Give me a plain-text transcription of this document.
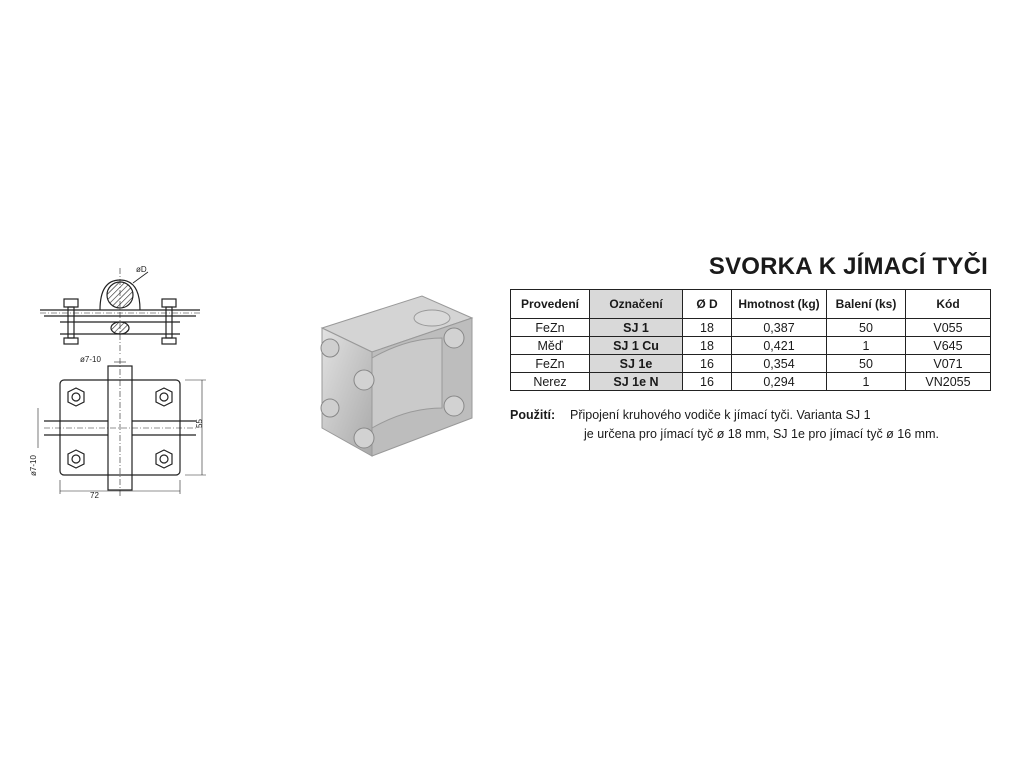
øD
ø7-10
72
55
ø7-10
SVORKA K JÍMACÍ TYČI
Provedení	Označení	Ø D	Hmotnost (kg)	Balení (ks)	Kód
FeZn	SJ 1	18	0,387	50	V055
Měď	SJ 1 Cu	18	0,421	1	V645
FeZn	SJ 1e	16	0,354	50	V071
Nerez	SJ 1e N	16	0,294	1	VN2055
Použití: Připojení kruhového vodiče k jímací tyči. Varianta SJ 1
je určena pro jímací tyč ø 18 mm, SJ 1e pro jímací tyč ø 16 mm.
